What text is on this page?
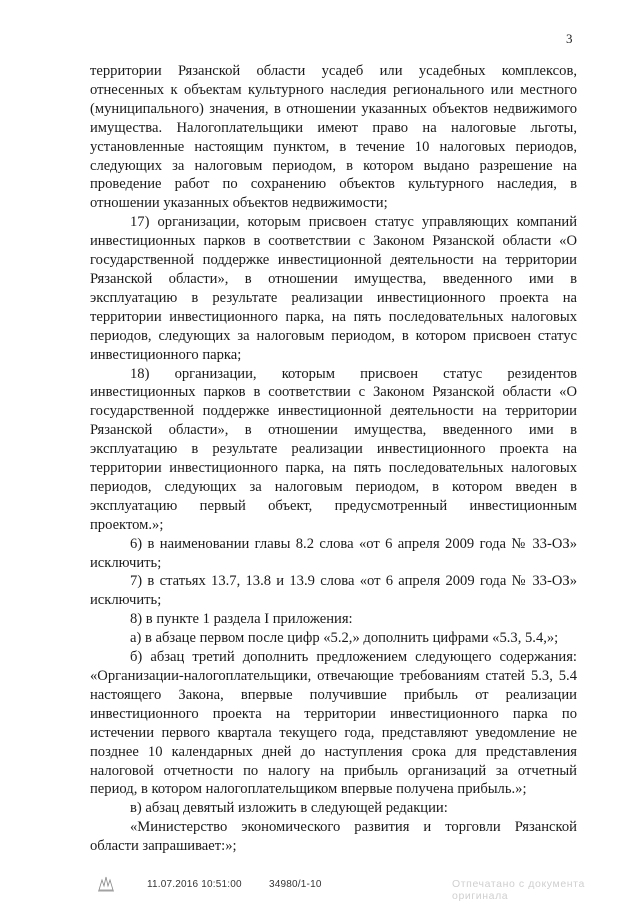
3

территории Рязанской области усадеб или усадебных комплексов, отнесенных к объектам культурного наследия регионального или местного (муниципального) значения, в отношении указанных объектов недвижимого имущества. Налогоплательщики имеют право на налоговые льготы, установленные настоящим пунктом, в течение 10 налоговых периодов, следующих за налоговым периодом, в котором выдано разрешение на проведение работ по сохранению объектов культурного наследия, в отношении указанных объектов недвижимости;

17) организации, которым присвоен статус управляющих компаний инвестиционных парков в соответствии с Законом Рязанской области «О государственной поддержке инвестиционной деятельности на территории Рязанской области», в отношении имущества, введенного ими в эксплуатацию в результате реализации инвестиционного проекта на территории инвестиционного парка, на пять последовательных налоговых периодов, следующих за налоговым периодом, в котором присвоен статус инвестиционного парка;

18) организации, которым присвоен статус резидентов инвестиционных парков в соответствии с Законом Рязанской области «О государственной поддержке инвестиционной деятельности на территории Рязанской области», в отношении имущества, введенного ими в эксплуатацию в результате реализации инвестиционного проекта на территории инвестиционного парка, на пять последовательных налоговых периодов, следующих за налоговым периодом, в котором введен в эксплуатацию первый объект, предусмотренный инвестиционным проектом.»;

6) в наименовании главы 8.2 слова «от 6 апреля 2009 года № 33-ОЗ» исключить;

7) в статьях 13.7, 13.8 и 13.9 слова «от 6 апреля 2009 года № 33-ОЗ» исключить;

8) в пункте 1 раздела I приложения:

а) в абзаце первом после цифр «5.2,» дополнить цифрами «5.3, 5.4,»;

б) абзац третий дополнить предложением следующего содержания: «Организации-налогоплательщики, отвечающие требованиям статей 5.3, 5.4 настоящего Закона, впервые получившие прибыль от реализации инвестиционного проекта на территории инвестиционного парка по истечении первого квартала текущего года, представляют уведомление не позднее 10 календарных дней до наступления срока для представления налоговой отчетности по налогу на прибыль организаций за отчетный период, в котором налогоплательщиком впервые получена прибыль.»;

в) абзац девятый изложить в следующей редакции:

«Министерство экономического развития и торговли Рязанской области запрашивает:»;

11.07.2016 10:51:00	34980/1-10	Отпечатано с документа оригинала
